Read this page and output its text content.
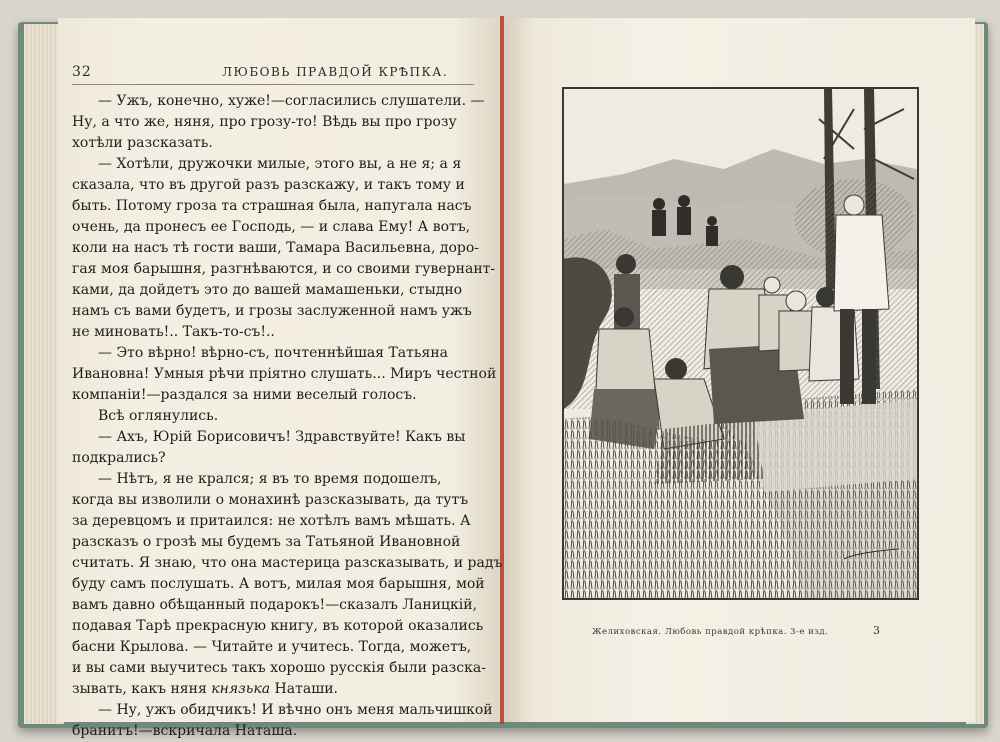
32	ЛЮБОВЬ ПРАВДОЙ КРѢПКА.
— Ужъ, конечно, хуже!—согласились слушатели. —
Ну, а что же, няня, про грозу-то! Вѣдь вы про грозу
хотѣли разсказать.
— Хотѣли, дружочки милые, этого вы, а не я; а я
сказала, что въ другой разъ разскажу, и такъ тому и
быть. Потому гроза та страшная была, напугала насъ
очень, да пронесъ ее Господь, — и слава Ему! А вотъ,
коли на насъ тѣ гости ваши, Тамара Васильевна, доро-
гая моя барышня, разгнѣваются, и со своими гувернант-
ками, да дойдетъ это до вашей мамашеньки, стыдно
намъ съ вами будетъ, и грозы заслуженной намъ ужъ
не миновать!.. Такъ-то-съ!..
— Это вѣрно! вѣрно-съ, почтеннѣйшая Татьяна
Ивановна! Умныя рѣчи пріятно слушать... Миръ честной
компаніи!—раздался за ними веселый голосъ.
Всѣ оглянулись.
— Ахъ, Юрій Борисовичъ! Здравствуйте! Какъ вы
подкрались?
— Нѣтъ, я не кралcя; я въ то время подошелъ,
когда вы изволили о монахинѣ разсказывать, да тутъ
за деревцомъ и притаился: не хотѣлъ вамъ мѣшать. А
разсказъ о грозѣ мы будемъ за Татьяной Ивановной
считать. Я знаю, что она мастерица разсказывать, и радъ
буду самъ послушать. А вотъ, милая моя барышня, мой
вамъ давно обѣщанный подарокъ!—сказалъ Ланицкій,
подавая Тарѣ прекрасную книгу, въ которой оказались
басни Крылова. — Читайте и учитесь. Тогда, можетъ,
и вы сами выучитесь такъ хорошо русскія были разска-
зывать, какъ няня князька Наташи.
— Ну, ужъ обидчикъ! И вѣчно онъ меня мальчишкой
бранитъ!—вскричала Наташа.
Желиховская. Любовь правдой крѣпка. 3-е изд.	3
